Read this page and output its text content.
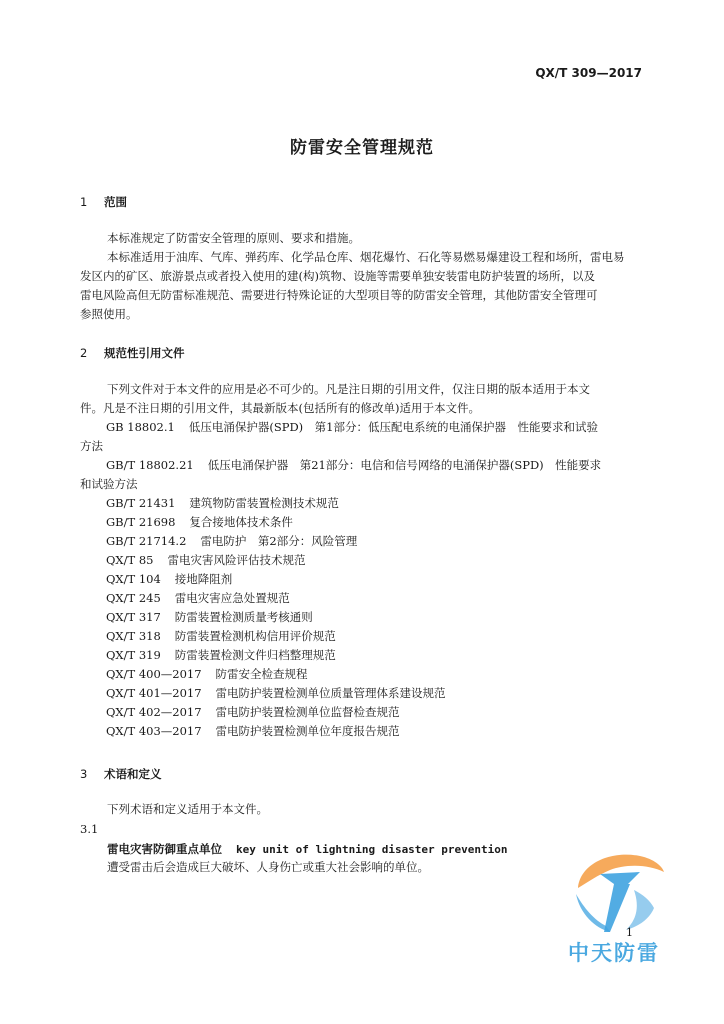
QX/T 309—2017
防雷安全管理规范
1 范围
本标准规定了防雷安全管理的原则、要求和措施。
本标准适用于油库、气库、弹药库、化学品仓库、烟花爆竹、石化等易燃易爆建设工程和场所，雷电易
发区内的矿区、旅游景点或者投入使用的建(构)筑物、设施等需要单独安装雷电防护装置的场所，以及
雷电风险高但无防雷标准规范、需要进行特殊论证的大型项目等的防雷安全管理，其他防雷安全管理可
参照使用。
2 规范性引用文件
下列文件对于本文件的应用是必不可少的。凡是注日期的引用文件，仅注日期的版本适用于本文
件。凡是不注日期的引用文件，其最新版本(包括所有的修改单)适用于本文件。
GB 18802.1 低压电涌保护器(SPD)　第1部分：低压配电系统的电涌保护器　性能要求和试验
方法
GB/T 18802.21 低压电涌保护器　第21部分：电信和信号网络的电涌保护器(SPD)　性能要求
和试验方法
GB/T 21431 建筑物防雷装置检测技术规范
GB/T 21698 复合接地体技术条件
GB/T 21714.2 雷电防护　第2部分：风险管理
QX/T 85 雷电灾害风险评估技术规范
QX/T 104 接地降阻剂
QX/T 245 雷电灾害应急处置规范
QX/T 317 防雷装置检测质量考核通则
QX/T 318 防雷装置检测机构信用评价规范
QX/T 319 防雷装置检测文件归档整理规范
QX/T 400—2017 防雷安全检查规程
QX/T 401—2017 雷电防护装置检测单位质量管理体系建设规范
QX/T 402—2017 雷电防护装置检测单位监督检查规范
QX/T 403—2017 雷电防护装置检测单位年度报告规范
3 术语和定义
下列术语和定义适用于本文件。
3.1
雷电灾害防御重点单位 key unit of lightning disaster prevention
遭受雷击后会造成巨大破坏、人身伤亡或重大社会影响的单位。
1
中天防雷
